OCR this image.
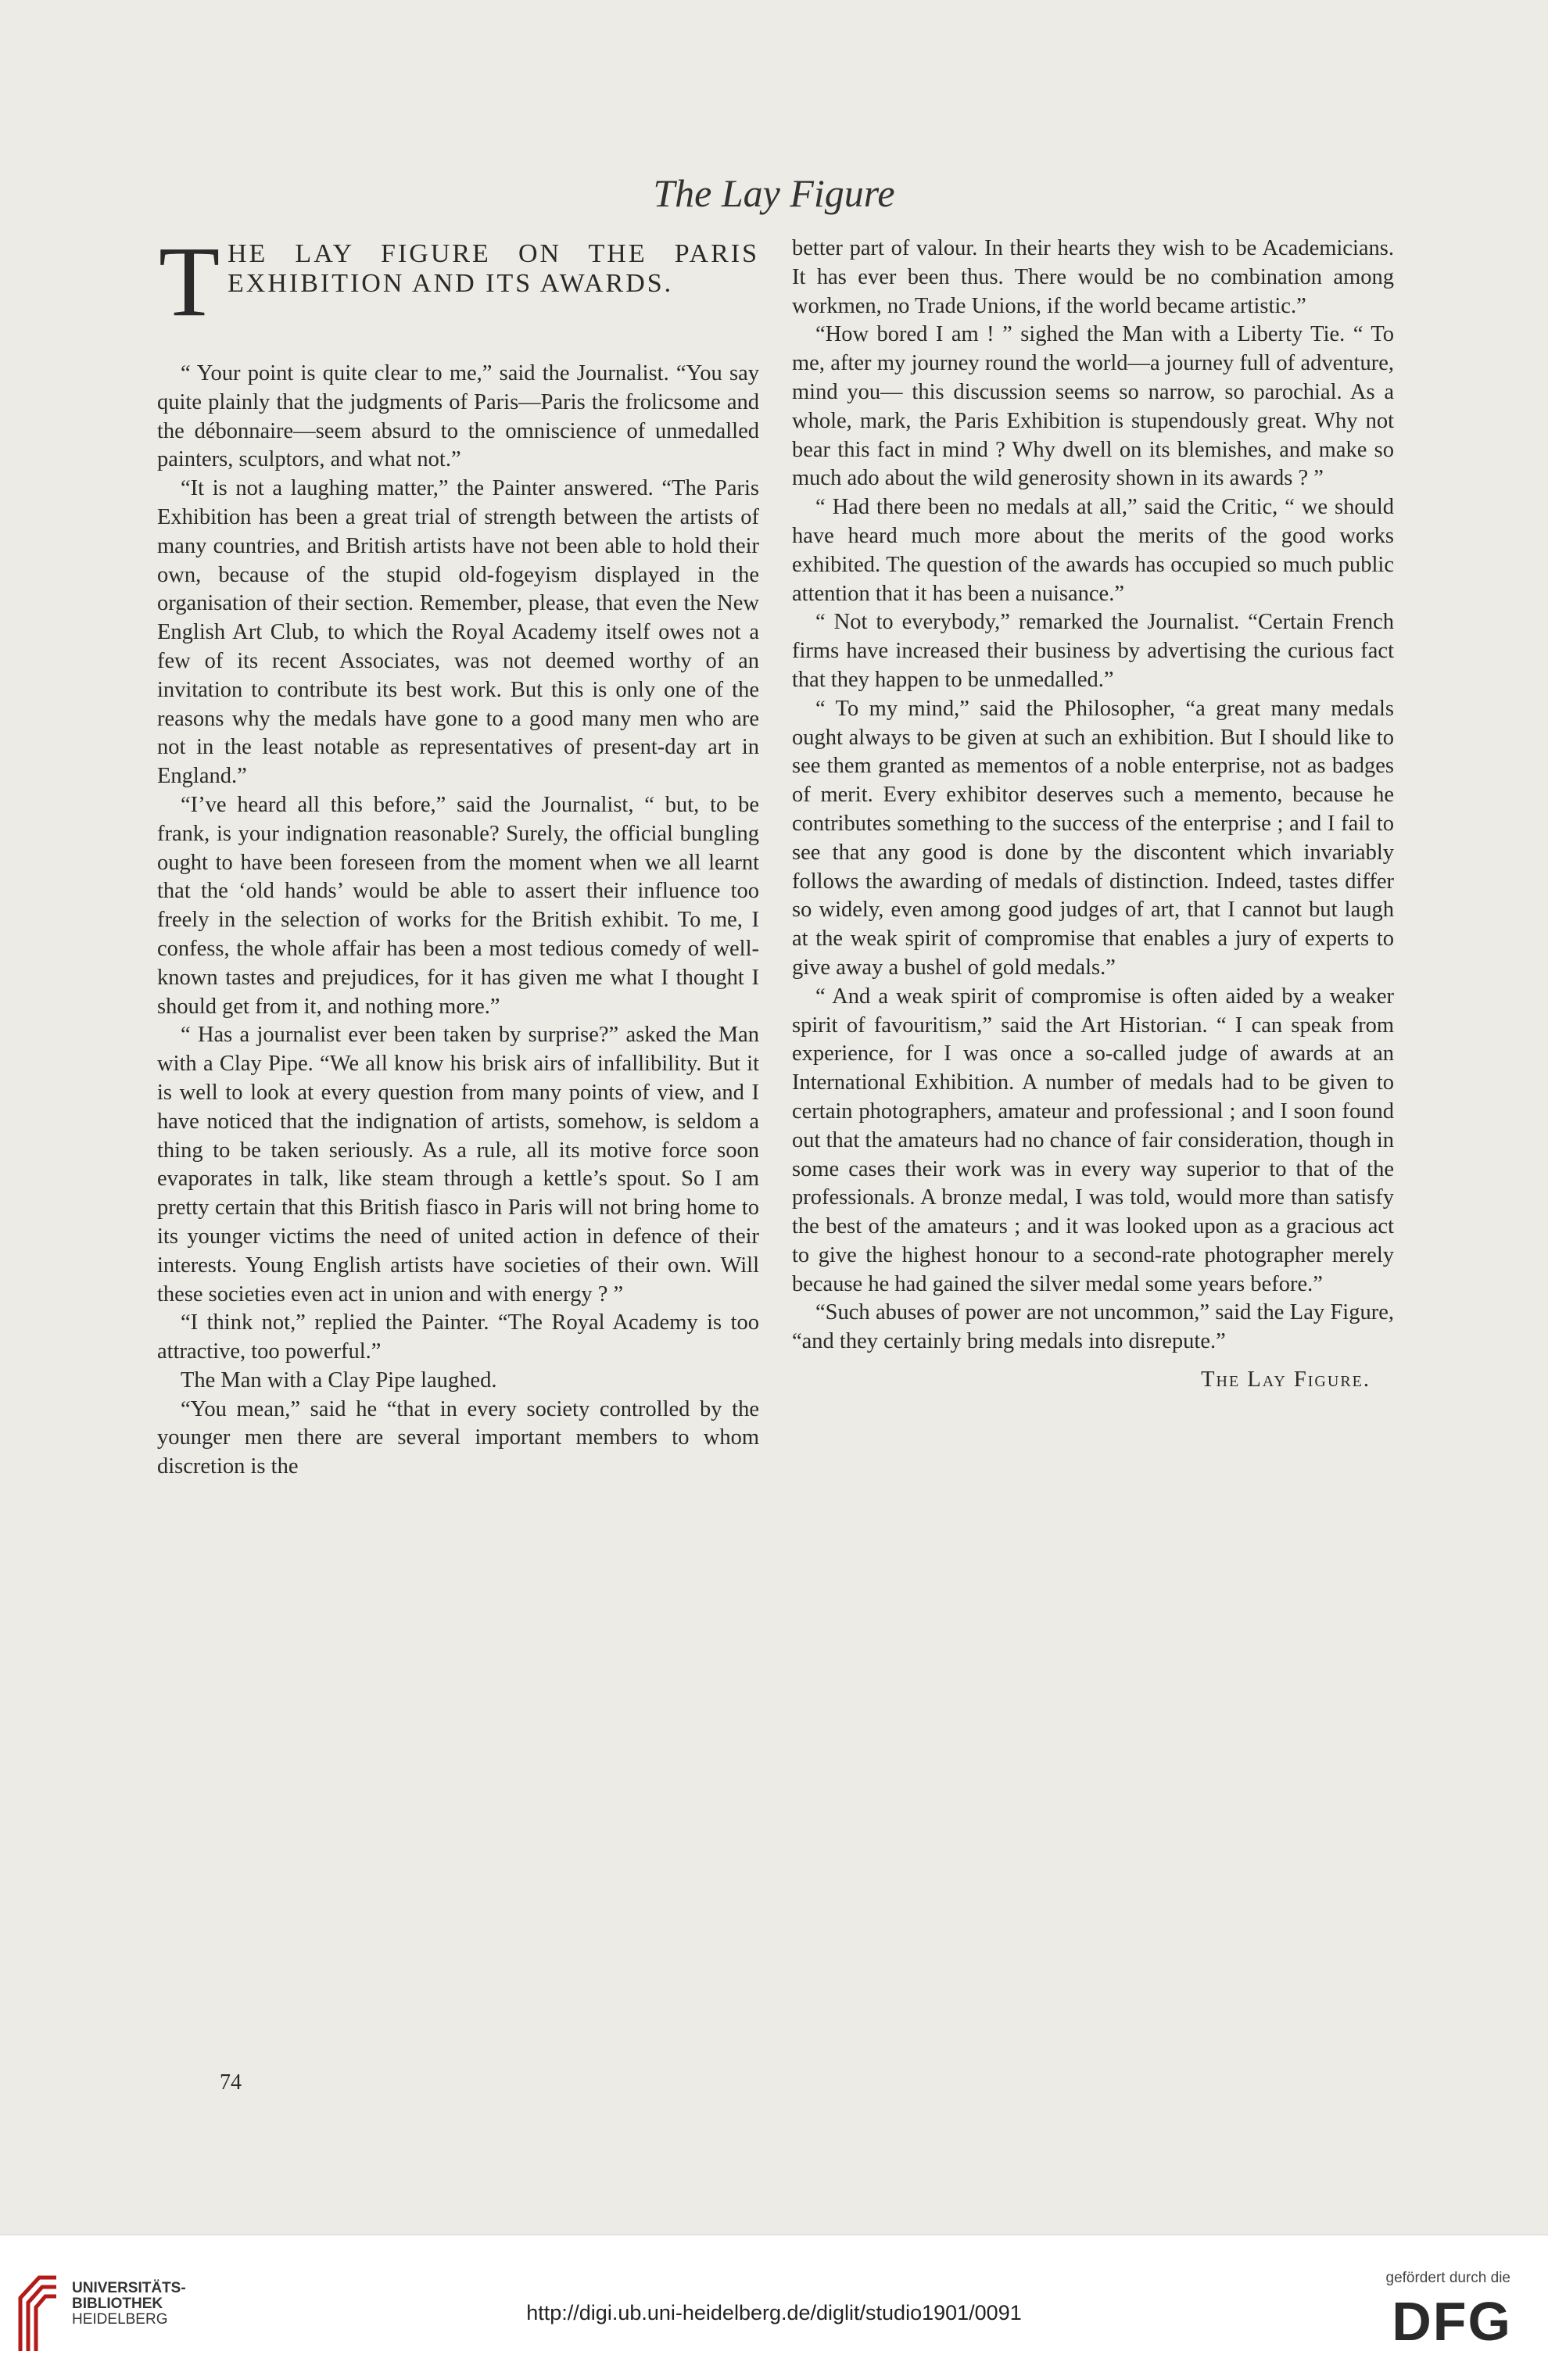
The Lay Figure
T HE LAY FIGURE ON THE PARIS EXHIBITION AND ITS AWARDS.

“ Your point is quite clear to me,” said the Journalist. “You say quite plainly that the judgments of Paris—Paris the frolicsome and the débonnaire—seem absurd to the omniscience of unmedalled painters, sculptors, and what not.”

“It is not a laughing matter,” the Painter answered. “The Paris Exhibition has been a great trial of strength between the artists of many countries, and British artists have not been able to hold their own, because of the stupid old-fogeyism displayed in the organisation of their section. Remember, please, that even the New English Art Club, to which the Royal Academy itself owes not a few of its recent Associates, was not deemed worthy of an invitation to contribute its best work. But this is only one of the reasons why the medals have gone to a good many men who are not in the least notable as representatives of present-day art in England.”

“I’ve heard all this before,” said the Journalist, “ but, to be frank, is your indignation reasonable? Surely, the official bungling ought to have been foreseen from the moment when we all learnt that the ‘old hands’ would be able to assert their influence too freely in the selection of works for the British exhibit. To me, I confess, the whole affair has been a most tedious comedy of well-known tastes and prejudices, for it has given me what I thought I should get from it, and nothing more.”

“ Has a journalist ever been taken by surprise?” asked the Man with a Clay Pipe. “We all know his brisk airs of infallibility. But it is well to look at every question from many points of view, and I have noticed that the indignation of artists, somehow, is seldom a thing to be taken seriously. As a rule, all its motive force soon evaporates in talk, like steam through a kettle’s spout. So I am pretty certain that this British fiasco in Paris will not bring home to its younger victims the need of united action in defence of their interests. Young English artists have societies of their own. Will these societies even act in union and with energy ? ”

“I think not,” replied the Painter. “The Royal Academy is too attractive, too powerful.”

The Man with a Clay Pipe laughed.

“You mean,” said he “that in every society controlled by the younger men there are several important members to whom discretion is the

better part of valour. In their hearts they wish to be Academicians. It has ever been thus. There would be no combination among workmen, no Trade Unions, if the world became artistic.”

“How bored I am ! ” sighed the Man with a Liberty Tie. “ To me, after my journey round the world—a journey full of adventure, mind you— this discussion seems so narrow, so parochial. As a whole, mark, the Paris Exhibition is stupendously great. Why not bear this fact in mind ? Why dwell on its blemishes, and make so much ado about the wild generosity shown in its awards ? ”

“ Had there been no medals at all,” said the Critic, “ we should have heard much more about the merits of the good works exhibited. The question of the awards has occupied so much public attention that it has been a nuisance.”

“ Not to everybody,” remarked the Journalist. “Certain French firms have increased their business by advertising the curious fact that they happen to be unmedalled.”

“ To my mind,” said the Philosopher, “a great many medals ought always to be given at such an exhibition. But I should like to see them granted as mementos of a noble enterprise, not as badges of merit. Every exhibitor deserves such a memento, because he contributes something to the success of the enterprise ; and I fail to see that any good is done by the discontent which invariably follows the awarding of medals of distinction. Indeed, tastes differ so widely, even among good judges of art, that I cannot but laugh at the weak spirit of compromise that enables a jury of experts to give away a bushel of gold medals.”

“ And a weak spirit of compromise is often aided by a weaker spirit of favouritism,” said the Art Historian. “ I can speak from experience, for I was once a so-called judge of awards at an International Exhibition. A number of medals had to be given to certain photographers, amateur and professional ; and I soon found out that the amateurs had no chance of fair consideration, though in some cases their work was in every way superior to that of the professionals. A bronze medal, I was told, would more than satisfy the best of the amateurs ; and it was looked upon as a gracious act to give the highest honour to a second-rate photographer merely because he had gained the silver medal some years before.”

“Such abuses of power are not uncommon,” said the Lay Figure, “and they certainly bring medals into disrepute.”

The Lay Figure.
74
UNIVERSITÄTS-
BIBLIOTHEK
HEIDELBERG	http://digi.ub.uni-heidelberg.de/diglit/studio1901/0091
gefördert durch die
DFG
